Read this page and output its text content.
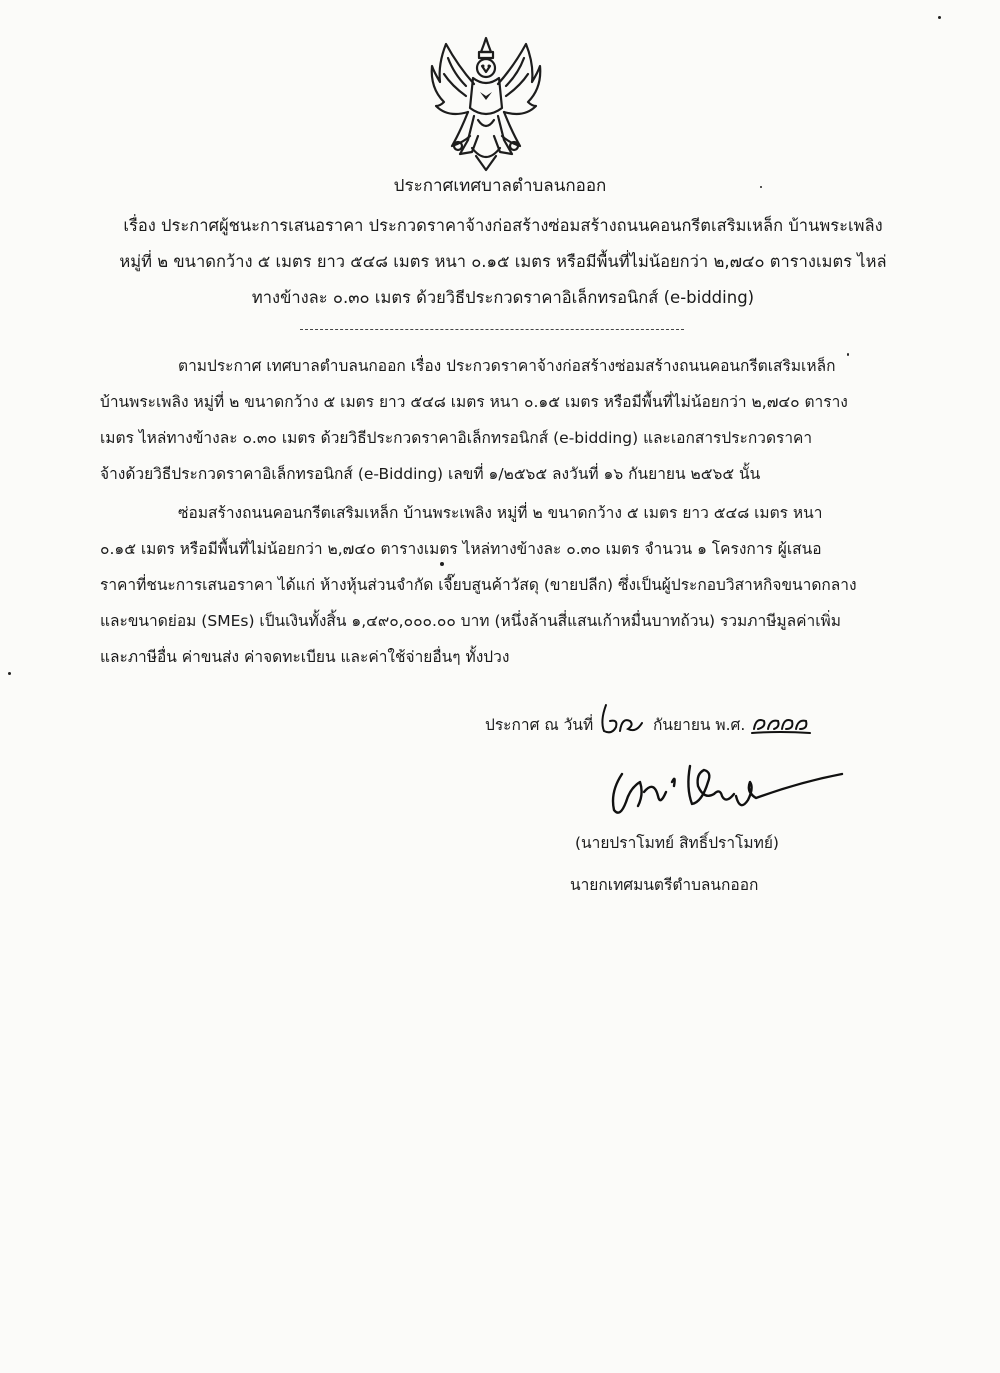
ประกาศเทศบาลตำบลนกออก
เรื่อง ประกาศผู้ชนะการเสนอราคา ประกวดราคาจ้างก่อสร้างซ่อมสร้างถนนคอนกรีตเสริมเหล็ก บ้านพระเพลิง
หมู่ที่ ๒ ขนาดกว้าง ๕ เมตร ยาว ๕๔๘ เมตร หนา ๐.๑๕ เมตร หรือมีพื้นที่ไม่น้อยกว่า ๒,๗๔๐ ตารางเมตร ไหล่
ทางข้างละ ๐.๓๐ เมตร ด้วยวิธีประกวดราคาอิเล็กทรอนิกส์ (e-bidding)
ตามประกาศ เทศบาลตำบลนกออก เรื่อง ประกวดราคาจ้างก่อสร้างซ่อมสร้างถนนคอนกรีตเสริมเหล็ก
บ้านพระเพลิง หมู่ที่ ๒ ขนาดกว้าง ๕ เมตร ยาว ๕๔๘ เมตร หนา ๐.๑๕ เมตร หรือมีพื้นที่ไม่น้อยกว่า ๒,๗๔๐ ตาราง
เมตร ไหล่ทางข้างละ ๐.๓๐ เมตร ด้วยวิธีประกวดราคาอิเล็กทรอนิกส์ (e-bidding) และเอกสารประกวดราคา
จ้างด้วยวิธีประกวดราคาอิเล็กทรอนิกส์ (e-Bidding) เลขที่ ๑/๒๕๖๕ ลงวันที่ ๑๖ กันยายน ๒๕๖๕ นั้น
ซ่อมสร้างถนนคอนกรีตเสริมเหล็ก บ้านพระเพลิง หมู่ที่ ๒ ขนาดกว้าง ๕ เมตร ยาว ๕๔๘ เมตร หนา
๐.๑๕ เมตร หรือมีพื้นที่ไม่น้อยกว่า ๒,๗๔๐ ตารางเมตร ไหล่ทางข้างละ ๐.๓๐ เมตร จำนวน ๑ โครงการ ผู้เสนอ
ราคาที่ชนะการเสนอราคา ได้แก่ ห้างหุ้นส่วนจำกัด เจี๊ยบสูนค้าวัสดุ (ขายปลีก) ซึ่งเป็นผู้ประกอบวิสาหกิจขนาดกลาง
และขนาดย่อม (SMEs) เป็นเงินทั้งสิ้น ๑,๔๙๐,๐๐๐.๐๐ บาท (หนึ่งล้านสี่แสนเก้าหมื่นบาทถ้วน) รวมภาษีมูลค่าเพิ่ม
และภาษีอื่น ค่าขนส่ง ค่าจดทะเบียน และค่าใช้จ่ายอื่นๆ ทั้งปวง
ประกาศ ณ วันที่	กันยายน พ.ศ.
(นายปราโมทย์ สิทธิ์ปราโมทย์)
นายกเทศมนตรีตำบลนกออก
